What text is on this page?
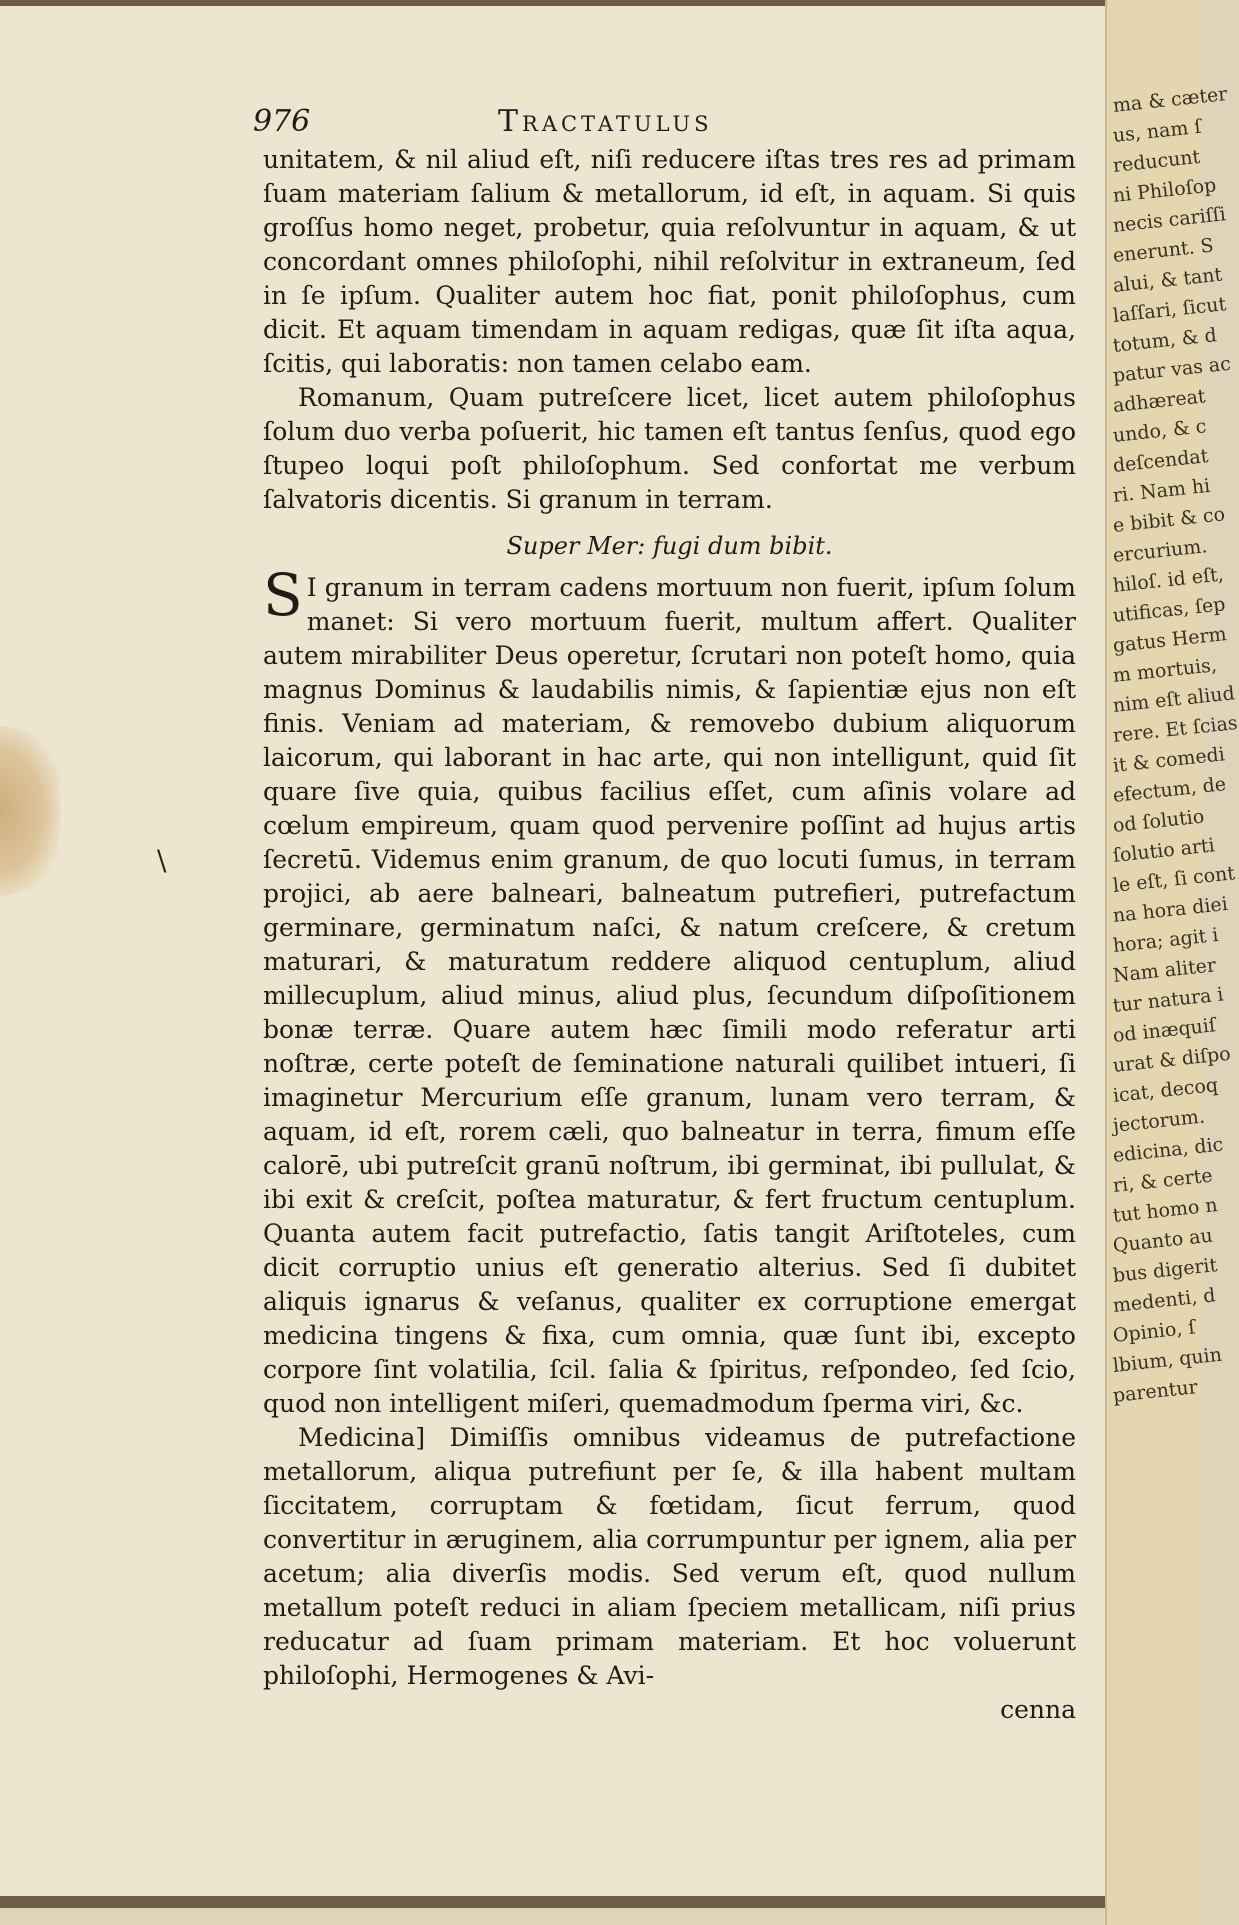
\
976	Tractatulus

unitatem, & nil aliud eſt, niſi reducere iſtas tres res ad primam ſuam materiam ſalium & metallorum, id eſt, in aquam. Si quis groſſus homo neget, probetur, quia reſolvuntur in aquam, & ut concordant omnes philoſophi, nihil reſolvitur in extraneum, ſed in ſe ipſum. Qualiter autem hoc fiat, ponit philoſophus, cum dicit. Et aquam timendam in aquam redigas, quæ ſit iſta aqua, ſcitis, qui laboratis: non tamen celabo eam.

Romanum, Quam putreſcere licet, licet autem philoſophus ſolum duo verba poſuerit, hic tamen eſt tantus ſenſus, quod ego ſtupeo loqui poſt philoſophum. Sed confortat me verbum ſalvatoris dicentis. Si granum in terram.

Super Mer: fugi dum bibit.

SI granum in terram cadens mortuum non fuerit, ipſum ſolum manet: Si vero mortuum fuerit, multum affert. Qualiter autem mirabiliter Deus operetur, ſcrutari non poteſt homo, quia magnus Dominus & laudabilis nimis, & ſapientiæ ejus non eſt finis. Veniam ad materiam, & removebo dubium aliquorum laicorum, qui laborant in hac arte, qui non intelligunt, quid ſit quare ſive quia, quibus facilius eſſet, cum aſinis volare ad cœlum empireum, quam quod pervenire poſſint ad hujus artis ſecretū. Videmus enim granum, de quo locuti ſumus, in terram projici, ab aere balneari, balneatum putrefieri, putrefactum germinare, germinatum naſci, & natum creſcere, & cretum maturari, & maturatum reddere aliquod centuplum, aliud millecuplum, aliud minus, aliud plus, ſecundum diſpoſitionem bonæ terræ. Quare autem hæc ſimili modo referatur arti noſtræ, certe poteſt de ſeminatione naturali quilibet intueri, ſi imaginetur Mercurium eſſe granum, lunam vero terram, & aquam, id eſt, rorem cæli, quo balneatur in terra, fimum eſſe calorē, ubi putreſcit granū noſtrum, ibi germinat, ibi pullulat, & ibi exit & creſcit, poſtea maturatur, & fert fructum centuplum. Quanta autem facit putrefactio, ſatis tangit Ariſtoteles, cum dicit corruptio unius eſt generatio alterius. Sed ſi dubitet aliquis ignarus & veſanus, qualiter ex corruptione emergat medicina tingens & fixa, cum omnia, quæ ſunt ibi, excepto corpore ſint volatilia, ſcil. ſalia & ſpiritus, reſpondeo, ſed ſcio, quod non intelligent miſeri, quemadmodum ſperma viri, &c.

Medicina] Dimiſſis omnibus videamus de putrefactione metallorum, aliqua putrefiunt per ſe, & illa habent multam ſiccitatem, corruptam & fœtidam, ſicut ferrum, quod convertitur in æruginem, alia corrumpuntur per ignem, alia per acetum; alia diverſis modis. Sed verum eſt, quod nullum metallum poteſt reduci in aliam ſpeciem metallicam, niſi prius reducatur ad ſuam primam materiam. Et hoc voluerunt philoſophi, Hermogenes & Avi-

cenna
ma & cæter
us, nam ſ
reducunt
ni Philoſop
necis cariſſi
enerunt. S
alui, & tant
laſſari, ſicut
totum, & d
patur vas ac
adhæreat
undo, & c
deſcendat
ri. Nam hi
e bibit & co
ercurium.
hiloſ. id eſt,
utificas, ſep
gatus Herm
m mortuis,
nim eſt aliud
rere. Et ſcias
it & comedi
efectum, de
od ſolutio
ſolutio arti
le eſt, ſi cont
na hora diei
hora; agit i
Nam aliter
tur natura i
od inæquiſ
urat & diſpo
icat, decoq
jectorum.
edicina, dic
ri, & certe
tut homo n
Quanto au
bus digerit
medenti, d
Opinio, ſ
lbium, quin
parentur
